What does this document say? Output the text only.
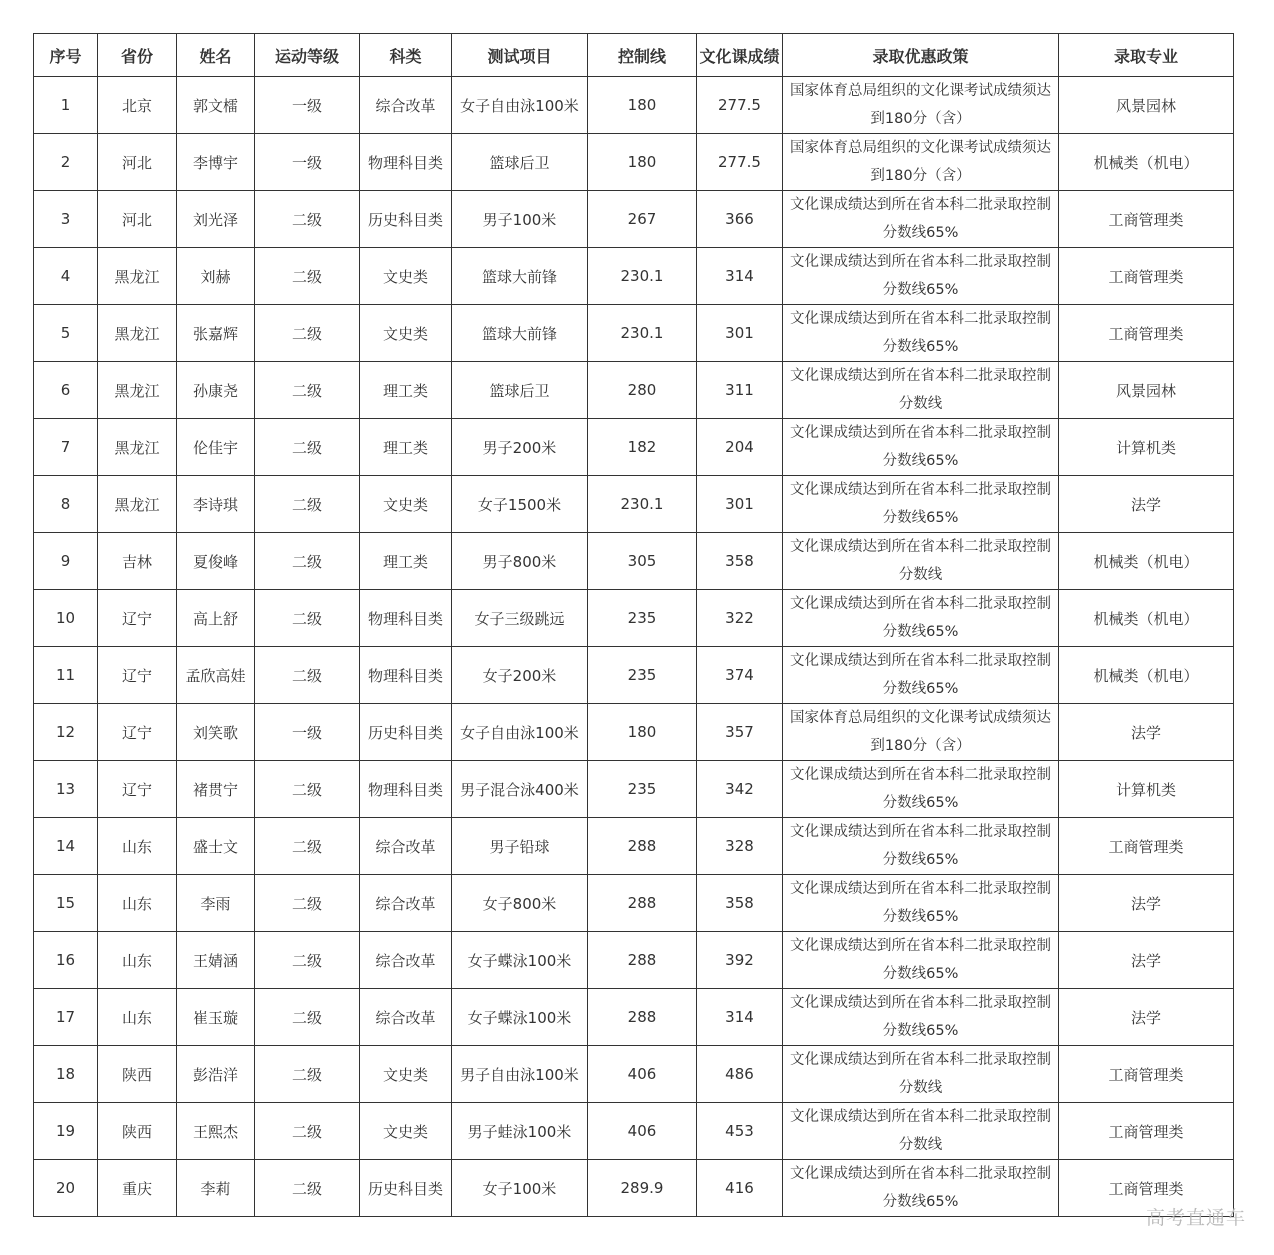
序号	省份	姓名	运动等级	科类	测试项目	控制线	文化课成绩	录取优惠政策	录取专业
1	北京	郭文檑	一级	综合改革	女子自由泳100米	180	277.5	国家体育总局组织的文化课考试成绩须达到180分（含）	风景园林
2	河北	李博宇	一级	物理科目类	篮球后卫	180	277.5	国家体育总局组织的文化课考试成绩须达到180分（含）	机械类（机电）
3	河北	刘光泽	二级	历史科目类	男子100米	267	366	文化课成绩达到所在省本科二批录取控制分数线65%	工商管理类
4	黑龙江	刘赫	二级	文史类	篮球大前锋	230.1	314	文化课成绩达到所在省本科二批录取控制分数线65%	工商管理类
5	黑龙江	张嘉辉	二级	文史类	篮球大前锋	230.1	301	文化课成绩达到所在省本科二批录取控制分数线65%	工商管理类
6	黑龙江	孙康尧	二级	理工类	篮球后卫	280	311	文化课成绩达到所在省本科二批录取控制分数线	风景园林
7	黑龙江	伦佳宇	二级	理工类	男子200米	182	204	文化课成绩达到所在省本科二批录取控制分数线65%	计算机类
8	黑龙江	李诗琪	二级	文史类	女子1500米	230.1	301	文化课成绩达到所在省本科二批录取控制分数线65%	法学
9	吉林	夏俊峰	二级	理工类	男子800米	305	358	文化课成绩达到所在省本科二批录取控制分数线	机械类（机电）
10	辽宁	高上舒	二级	物理科目类	女子三级跳远	235	322	文化课成绩达到所在省本科二批录取控制分数线65%	机械类（机电）
11	辽宁	孟欣高娃	二级	物理科目类	女子200米	235	374	文化课成绩达到所在省本科二批录取控制分数线65%	机械类（机电）
12	辽宁	刘笑歌	一级	历史科目类	女子自由泳100米	180	357	国家体育总局组织的文化课考试成绩须达到180分（含）	法学
13	辽宁	褚贯宁	二级	物理科目类	男子混合泳400米	235	342	文化课成绩达到所在省本科二批录取控制分数线65%	计算机类
14	山东	盛士文	二级	综合改革	男子铅球	288	328	文化课成绩达到所在省本科二批录取控制分数线65%	工商管理类
15	山东	李雨	二级	综合改革	女子800米	288	358	文化课成绩达到所在省本科二批录取控制分数线65%	法学
16	山东	王婧涵	二级	综合改革	女子蝶泳100米	288	392	文化课成绩达到所在省本科二批录取控制分数线65%	法学
17	山东	崔玉璇	二级	综合改革	女子蝶泳100米	288	314	文化课成绩达到所在省本科二批录取控制分数线65%	法学
18	陕西	彭浩洋	二级	文史类	男子自由泳100米	406	486	文化课成绩达到所在省本科二批录取控制分数线	工商管理类
19	陕西	王熙杰	二级	文史类	男子蛙泳100米	406	453	文化课成绩达到所在省本科二批录取控制分数线	工商管理类
20	重庆	李莉	二级	历史科目类	女子100米	289.9	416	文化课成绩达到所在省本科二批录取控制分数线65%	工商管理类
高考直通车
